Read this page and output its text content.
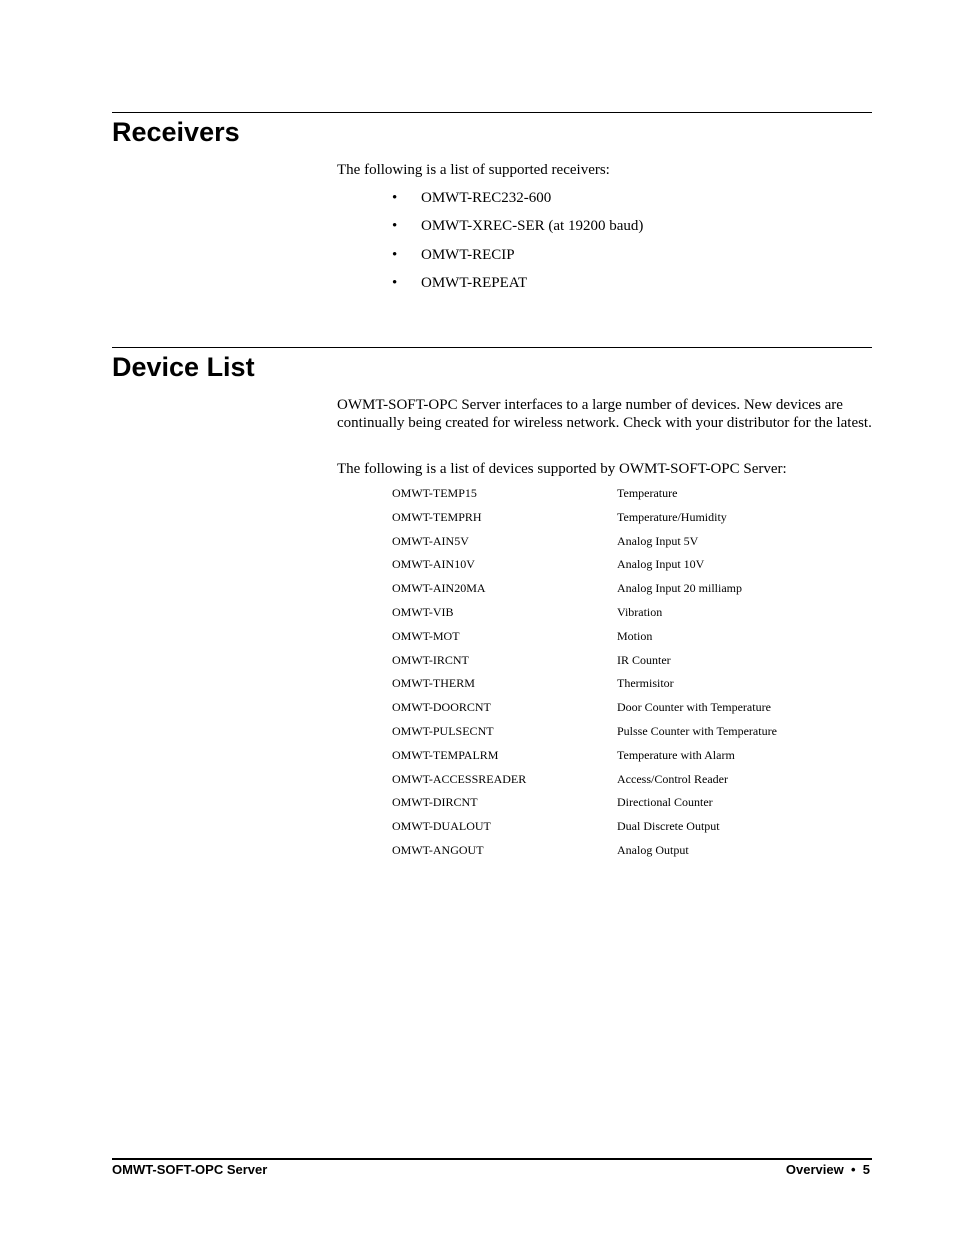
Receivers

The following is a list of supported receivers:

• OMWT-REC232-600
• OMWT-XREC-SER (at 19200 baud)
• OMWT-RECIP
• OMWT-REPEAT
Device List

OWMT-SOFT-OPC Server interfaces to a large number of devices. New devices are continually being created for wireless network. Check with your distributor for the latest.

The following is a list of devices supported by OWMT-SOFT-OPC Server:

OMWT-TEMP15	Temperature
OMWT-TEMPRH	Temperature/Humidity
OMWT-AIN5V	Analog Input 5V
OMWT-AIN10V	Analog Input 10V
OMWT-AIN20MA	Analog Input 20 milliamp
OMWT-VIB	Vibration
OMWT-MOT	Motion
OMWT-IRCNT	IR Counter
OMWT-THERM	Thermisitor
OMWT-DOORCNT	Door Counter with Temperature
OMWT-PULSECNT	Pulsse Counter with Temperature
OMWT-TEMPALRM	Temperature with Alarm
OMWT-ACCESSREADER	Access/Control Reader
OMWT-DIRCNT	Directional Counter
OMWT-DUALOUT	Dual Discrete Output
OMWT-ANGOUT	Analog Output

OMWT-SOFT-OPC Server	Overview • 5
